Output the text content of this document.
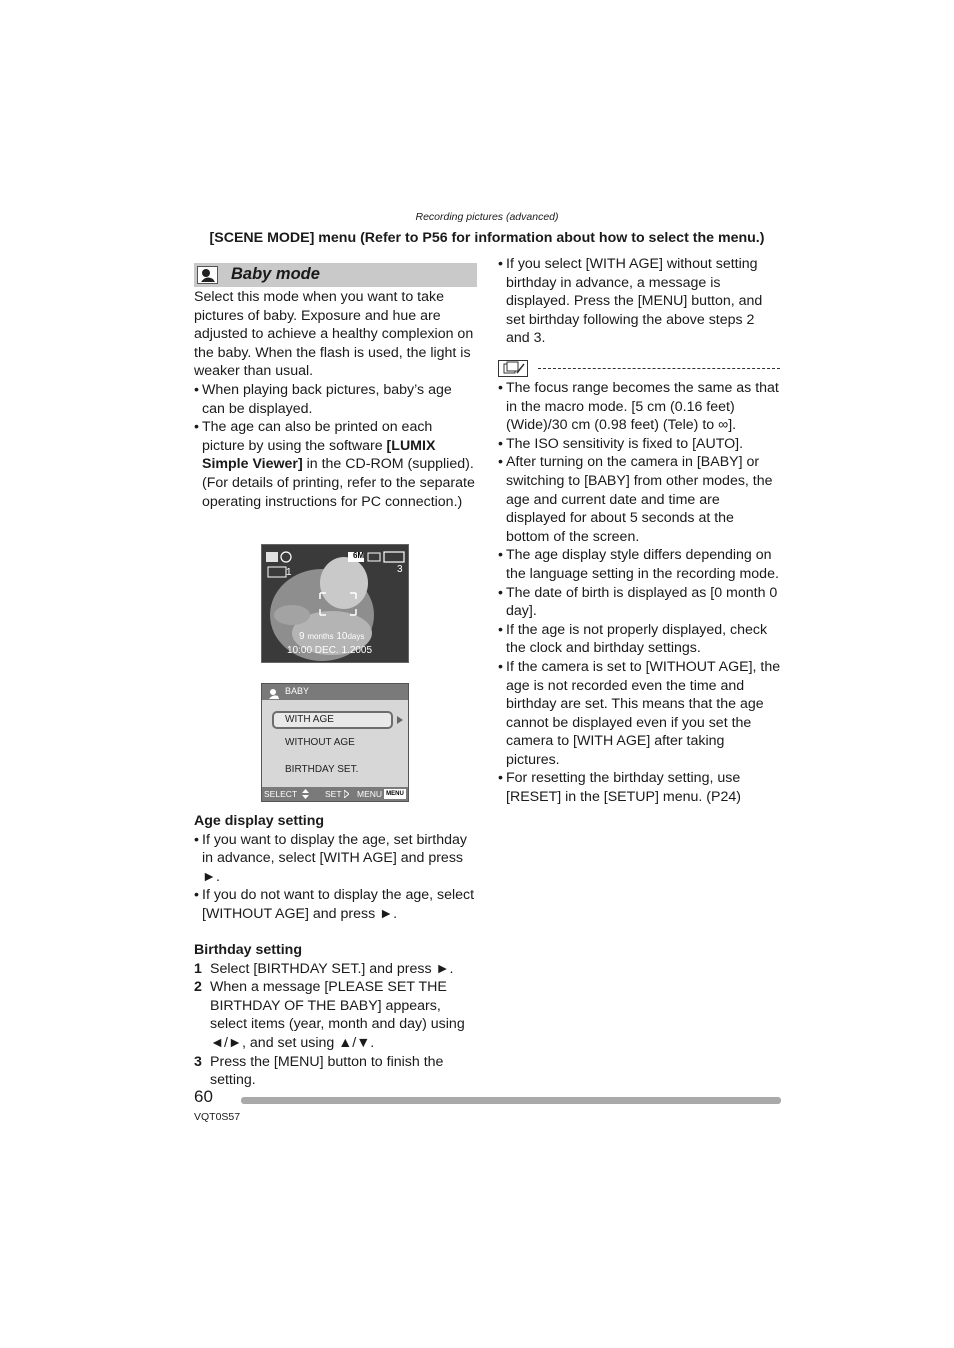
Recording pictures (advanced)
[SCENE MODE] menu (Refer to P56 for information about how to select the menu.)
Baby mode

Select this mode when you want to take pictures of baby. Exposure and hue are adjusted to achieve a healthy complexion on the baby. When the flash is used, the light is weaker than usual.

• When playing back pictures, baby’s age can be displayed.

• The age can also be printed on each picture by using the software [LUMIX Simple Viewer] in the CD-ROM (supplied). (For details of printing, refer to the separate operating instructions for PC connection.)

6M
1	3
9 months 10days
10:00 DEC. 1.2005
BABY
WITH AGE
WITHOUT AGE
BIRTHDAY SET.
SELECT	SET MENU MENU

Age display setting

• If you want to display the age, set birthday in advance, select [WITH AGE] and press ►.

• If you do not want to display the age, select [WITHOUT AGE] and press ►.

Birthday setting

1 Select [BIRTHDAY SET.] and press ►.

2 When a message [PLEASE SET THE BIRTHDAY OF THE BABY] appears, select items (year, month and day) using ◄/►, and set using ▲/▼.

3 Press the [MENU] button to finish the setting.

• If you select [WITH AGE] without setting birthday in advance, a message is displayed. Press the [MENU] button, and set birthday following the above steps 2 and 3.

• The focus range becomes the same as that in the macro mode. [5 cm (0.16 feet) (Wide)/30 cm (0.98 feet) (Tele) to ∞].

• The ISO sensitivity is fixed to [AUTO].

• After turning on the camera in [BABY] or switching to [BABY] from other modes, the age and current date and time are displayed for about 5 seconds at the bottom of the screen.

• The age display style differs depending on the language setting in the recording mode.

• The date of birth is displayed as [0 month 0 day].

• If the age is not properly displayed, check the clock and birthday settings.

• If the camera is set to [WITHOUT AGE], the age is not recorded even the time and birthday are set. This means that the age cannot be displayed even if you set the camera to [WITH AGE] after taking pictures.

• For resetting the birthday setting, use [RESET] in the [SETUP] menu. (P24)

60
VQT0S57
